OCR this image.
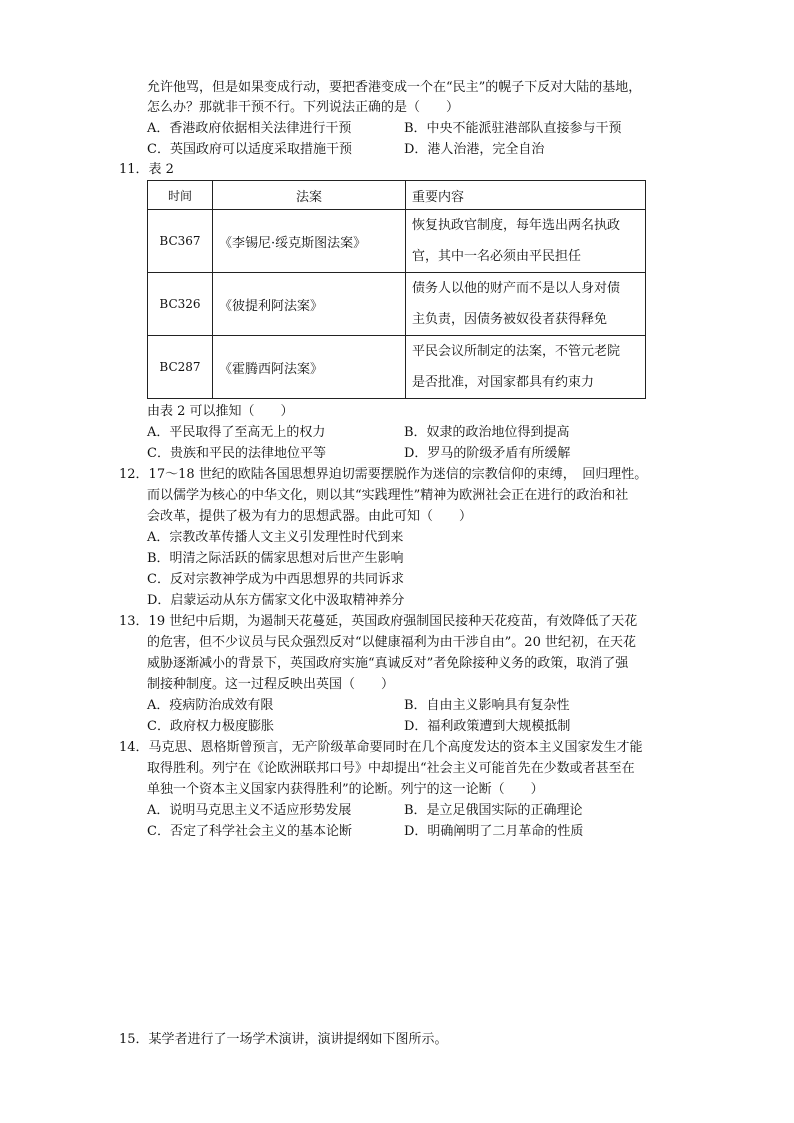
允许他骂，但是如果变成行动，要把香港变成一个在“民主”的幌子下反对大陆的基地，
怎么办？那就非干预不行。下列说法正确的是（　　）
A．香港政府依据相关法律进行干预	B．中央不能派驻港部队直接参与干预
C．英国政府可以适度采取措施干预	D．港人治港，完全自治
11．表 2
时间	法案	重要内容
BC367	《李锡尼·绥克斯图法案》	恢复执政官制度，每年选出两名执政
官，其中一名必须由平民担任

BC326	《彼提利阿法案》	债务人以他的财产而不是以人身对债
主负责，因债务被奴役者获得释免

BC287	《霍腾西阿法案》	平民会议所制定的法案，不管元老院
是否批准，对国家都具有约束力
由表 2 可以推知（　　）
A．平民取得了至高无上的权力	B．奴隶的政治地位得到提高
C．贵族和平民的法律地位平等	D．罗马的阶级矛盾有所缓解
12．17～18 世纪的欧陆各国思想界迫切需要摆脱作为迷信的宗教信仰的束缚，　回归理性。
而以儒学为核心的中华文化，则以其“实践理性”精神为欧洲社会正在进行的政治和社
会改革，提供了极为有力的思想武器。由此可知（　　）
A．宗教改革传播人文主义引发理性时代到来
B．明清之际活跃的儒家思想对后世产生影响
C．反对宗教神学成为中西思想界的共同诉求
D．启蒙运动从东方儒家文化中汲取精神养分
13．19 世纪中后期，为遏制天花蔓延，英国政府强制国民接种天花疫苗，有效降低了天花
的危害，但不少议员与民众强烈反对“以健康福利为由干涉自由”。20 世纪初，在天花
威胁逐渐减小的背景下，英国政府实施“真诚反对”者免除接种义务的政策，取消了强
制接种制度。这一过程反映出英国（　　）
A．疫病防治成效有限	B．自由主义影响具有复杂性
C．政府权力极度膨胀	D．福利政策遭到大规模抵制
14．马克思、恩格斯曾预言，无产阶级革命要同时在几个高度发达的资本主义国家发生才能
取得胜利。列宁在《论欧洲联邦口号》中却提出“社会主义可能首先在少数或者甚至在
单独一个资本主义国家内获得胜利”的论断。列宁的这一论断（　　）
A．说明马克思主义不适应形势发展	B．是立足俄国实际的正确理论
C．否定了科学社会主义的基本论断	D．明确阐明了二月革命的性质
15．某学者进行了一场学术演讲，演讲提纲如下图所示。
